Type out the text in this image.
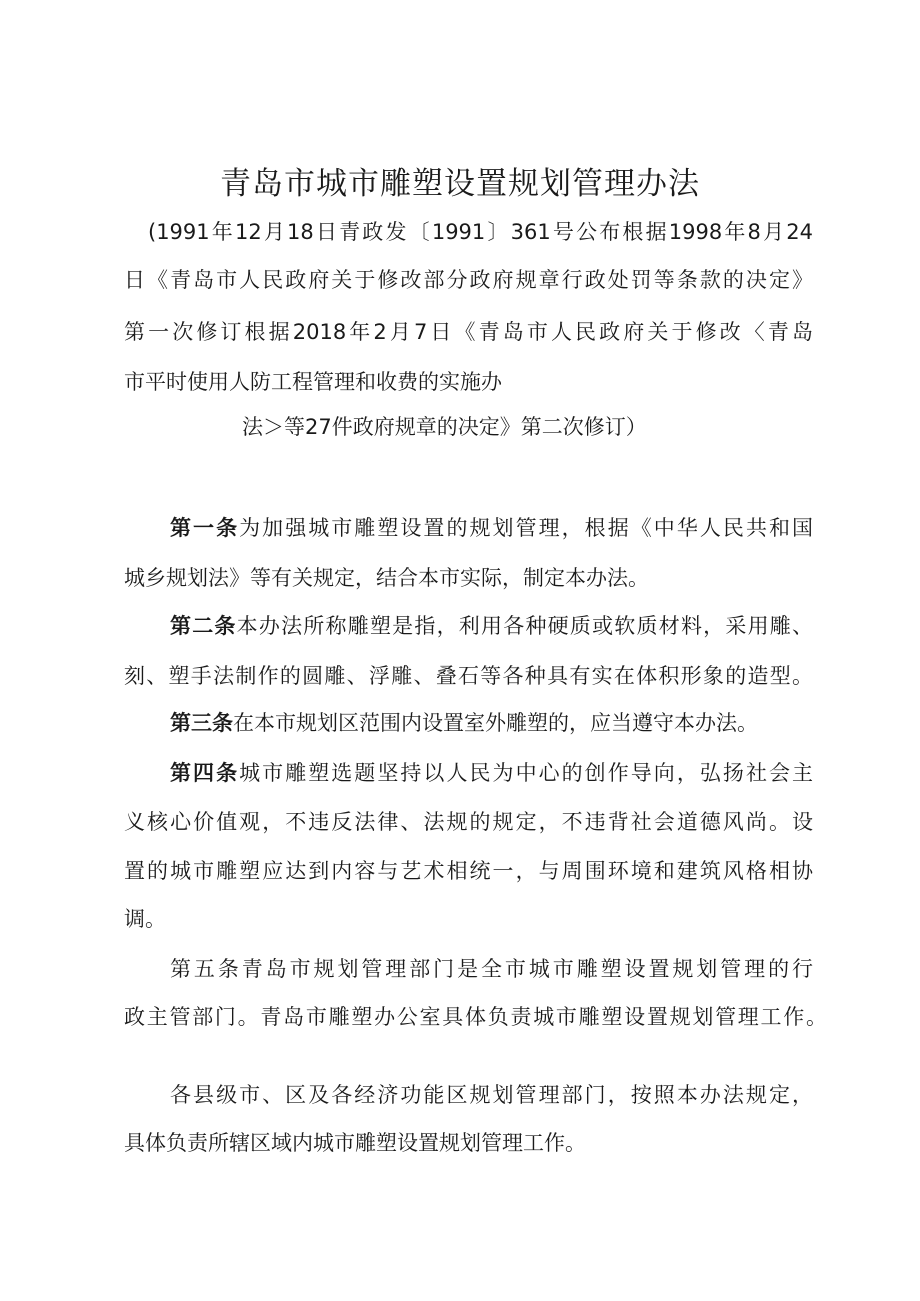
青岛市城市雕塑设置规划管理办法
(1991年12月18日青政发〔1991〕361号公布根据1998年8月24
日《青岛市人民政府关于修改部分政府规章行政处罚等条款的决定》
第一次修订根据2018年2月7日《青岛市人民政府关于修改〈青岛
市平时使用人防工程管理和收费的实施办
法＞等27件政府规章的决定》第二次修订）
第一条为加强城市雕塑设置的规划管理，根据《中华人民共和国
城乡规划法》等有关规定，结合本市实际，制定本办法。
第二条本办法所称雕塑是指，利用各种硬质或软质材料，采用雕、
刻、塑手法制作的圆雕、浮雕、叠石等各种具有实在体积形象的造型。
第三条在本市规划区范围内设置室外雕塑的，应当遵守本办法。
第四条城市雕塑选题坚持以人民为中心的创作导向，弘扬社会主
义核心价值观，不违反法律、法规的规定，不违背社会道德风尚。设
置的城市雕塑应达到内容与艺术相统一，与周围环境和建筑风格相协
调。
第五条青岛市规划管理部门是全市城市雕塑设置规划管理的行
政主管部门。青岛市雕塑办公室具体负责城市雕塑设置规划管理工作。
各县级市、区及各经济功能区规划管理部门，按照本办法规定，
具体负责所辖区域内城市雕塑设置规划管理工作。
